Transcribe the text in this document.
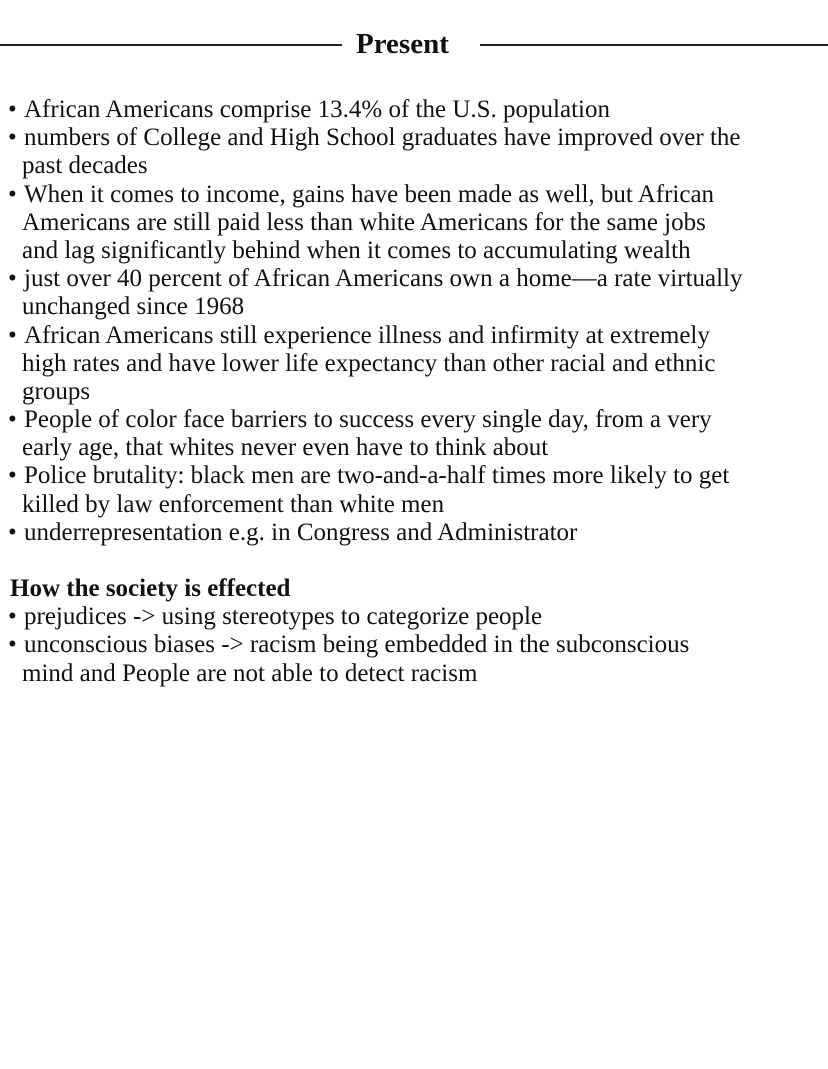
Present
• African Americans comprise 13.4% of the U.S. population
• numbers of College and High School graduates have improved over the
past decades
• When it comes to income, gains have been made as well, but African
Americans are still paid less than white Americans for the same jobs
and lag significantly behind when it comes to accumulating wealth
• just over 40 percent of African Americans own a home—a rate virtually
unchanged since 1968
• African Americans still experience illness and infirmity at extremely
high rates and have lower life expectancy than other racial and ethnic
groups
• People of color face barriers to success every single day, from a very
early age, that whites never even have to think about
• Police brutality: black men are two-and-a-half times more likely to get
killed by law enforcement than white men
• underrepresentation e.g. in Congress and Administrator
How the society is effected
• prejudices -> using stereotypes to categorize people
• unconscious biases -> racism being embedded in the subconscious
mind and People are not able to detect racism
